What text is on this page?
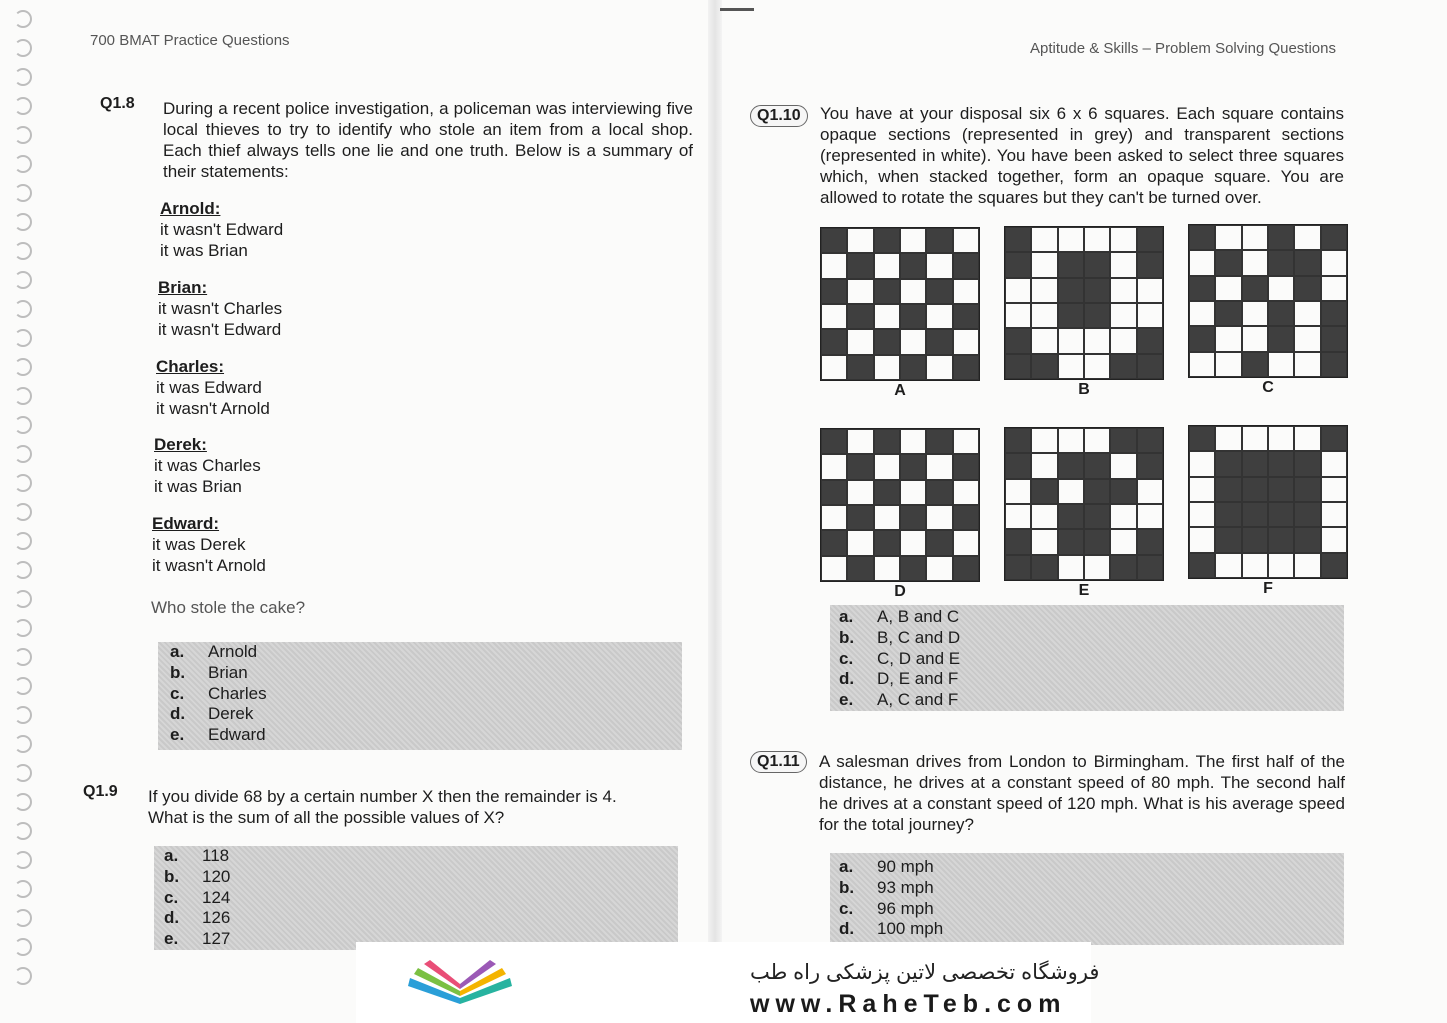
700 BMAT Practice Questions	Aptitude & Skills – Problem Solving Questions
Q1.8 During a recent police investigation, a policeman was interviewing five local thieves to try to identify who stole an item from a local shop. Each thief always tells one lie and one truth. Below is a summary of their statements:
Arnold:
it wasn't Edward
it was Brian
Brian:
it wasn't Charles
it wasn't Edward
Charles:
it was Edward
it wasn't Arnold
Derek:
it was Charles
it was Brian
Edward:
it was Derek
it wasn't Arnold
Who stole the cake?
a. Arnold
b. Brian
c. Charles
d. Derek
e. Edward
Q1.9 If you divide 68 by a certain number X then the remainder is 4. What is the sum of all the possible values of X?
a. 118
b. 120
c. 124
d. 126
e. 127
Q1.10	You have at your disposal six 6 x 6 squares. Each square contains opaque sections (represented in grey) and transparent sections (represented in white). You have been asked to select three squares which, when stacked together, form an opaque square. You are allowed to rotate the squares but they can't be turned over.
A	B	C
D	E	F
a. A, B and C
b. B, C and D
c. C, D and E
d. D, E and F
e. A, C and F
Q1.11	A salesman drives from London to Birmingham. The first half of the distance, he drives at a constant speed of 80 mph. The second half he drives at a constant speed of 120 mph. What is his average speed for the total journey?
a. 90 mph
b. 93 mph
c. 96 mph
d. 100 mph
فروشگاه تخصصی لاتین پزشکی راه طب
www.RaheTeb.com
